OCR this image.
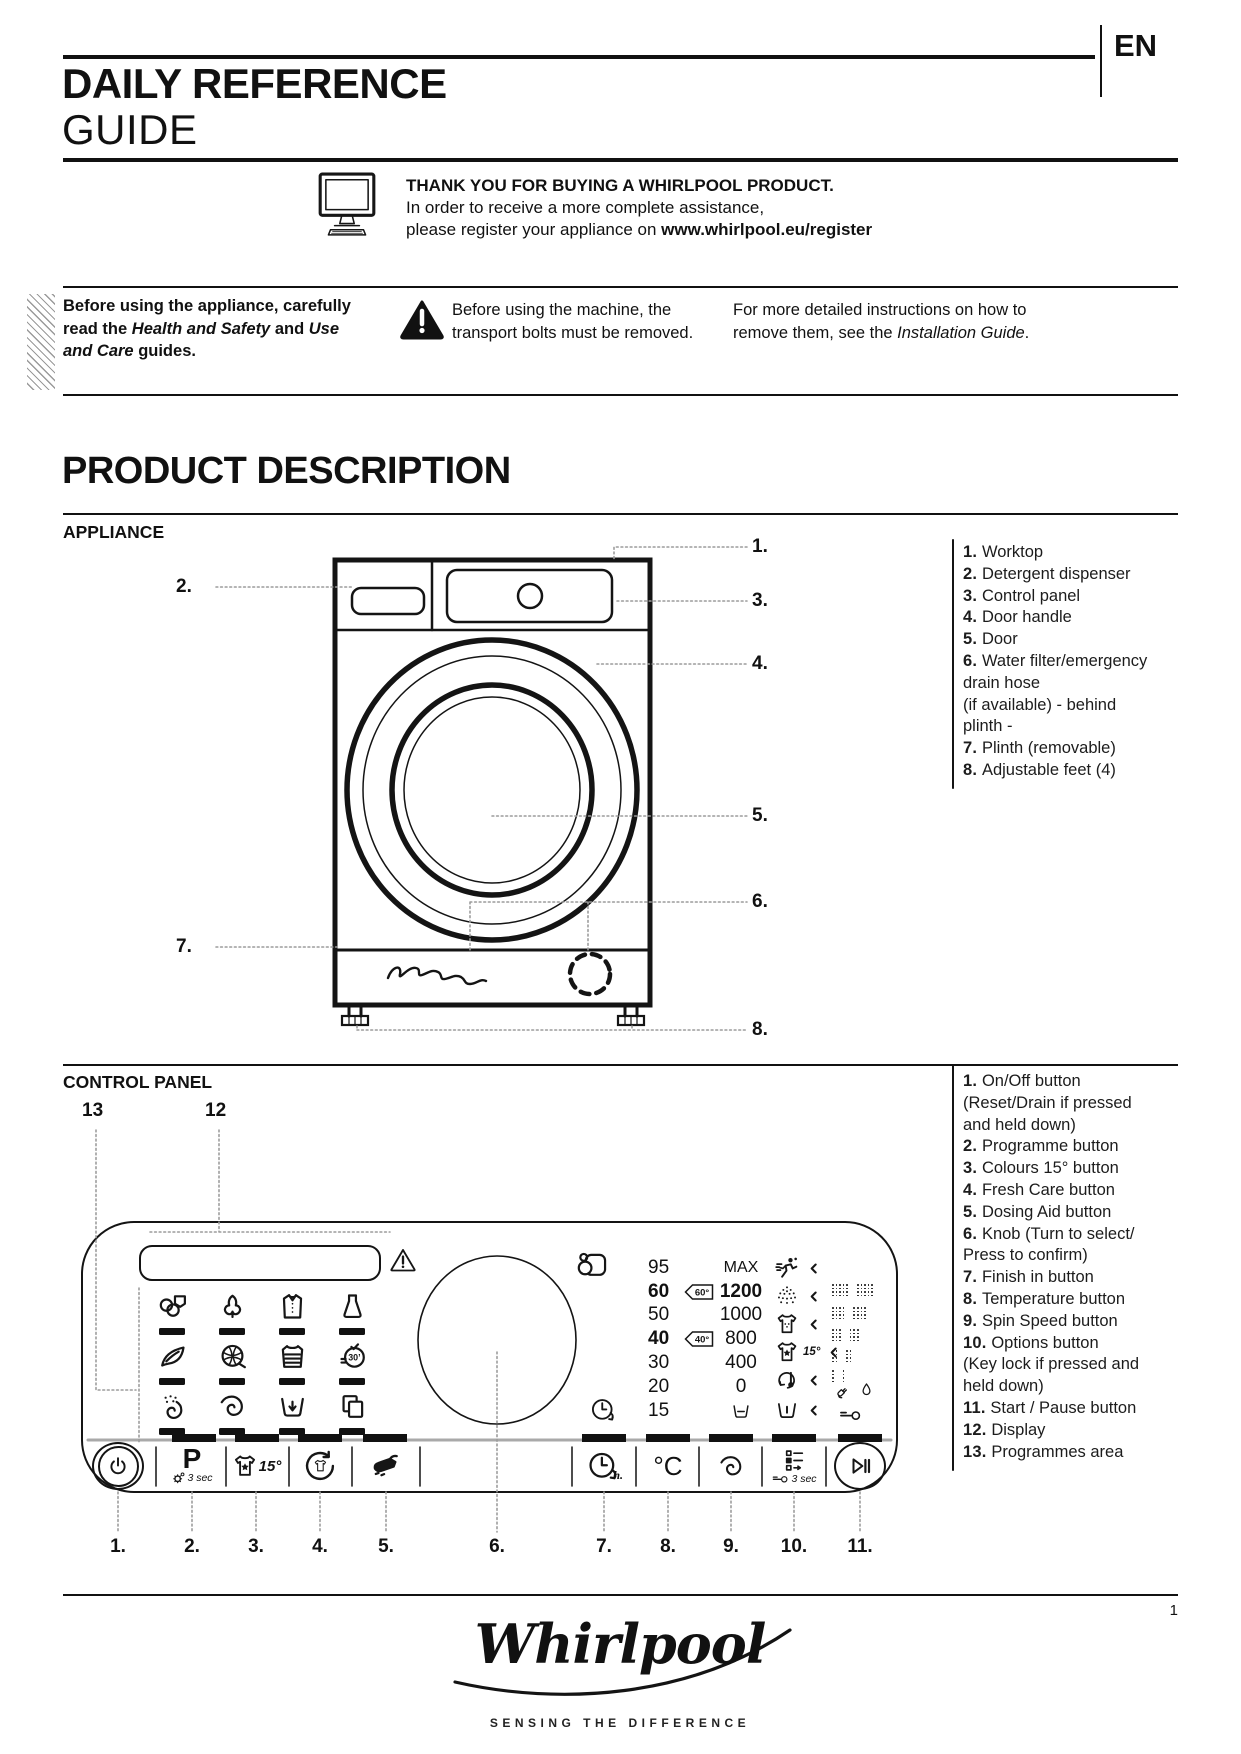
EN
DAILY REFERENCE
GUIDE
THANK YOU FOR BUYING A WHIRLPOOL PRODUCT.
In order to receive a more complete assistance,
please register your appliance on www.whirlpool.eu/register
Before using the appliance, carefully read the Health and Safety and Use and Care guides.
Before using the machine, the transport bolts must be removed.
For more detailed instructions on how to remove them, see the Installation Guide.
PRODUCT DESCRIPTION
APPLIANCE
1.
2.
3.
4.
5.
6.
7.
8.
1. Worktop
2. Detergent dispenser
3. Control panel
4. Door handle
5. Door
6. Water filter/emergency
drain hose
(if available) - behind
plinth -
7. Plinth (removable)
8. Adjustable feet (4)
CONTROL PANEL
13	12
30’
95
60
50
40
30
20
15
60°
40°
MAX
1200
1000
800
400
0
15°
P
3 sec
15°
h. °C	3 sec
1.	2.	3.	4.	5.	6.	7.	8.	9.	10.	11.
1. On/Off button
(Reset/Drain if pressed
and held down)
2. Programme button
3. Colours 15° button
4. Fresh Care button
5. Dosing Aid button
6. Knob (Turn to select/
Press to confirm)
7. Finish in button
8. Temperature button
9. Spin Speed button
10. Options button
(Key lock if pressed and
held down)
11. Start / Pause button
12. Display
13. Programmes area
1
Whirlpool
SENSING THE DIFFERENCE
